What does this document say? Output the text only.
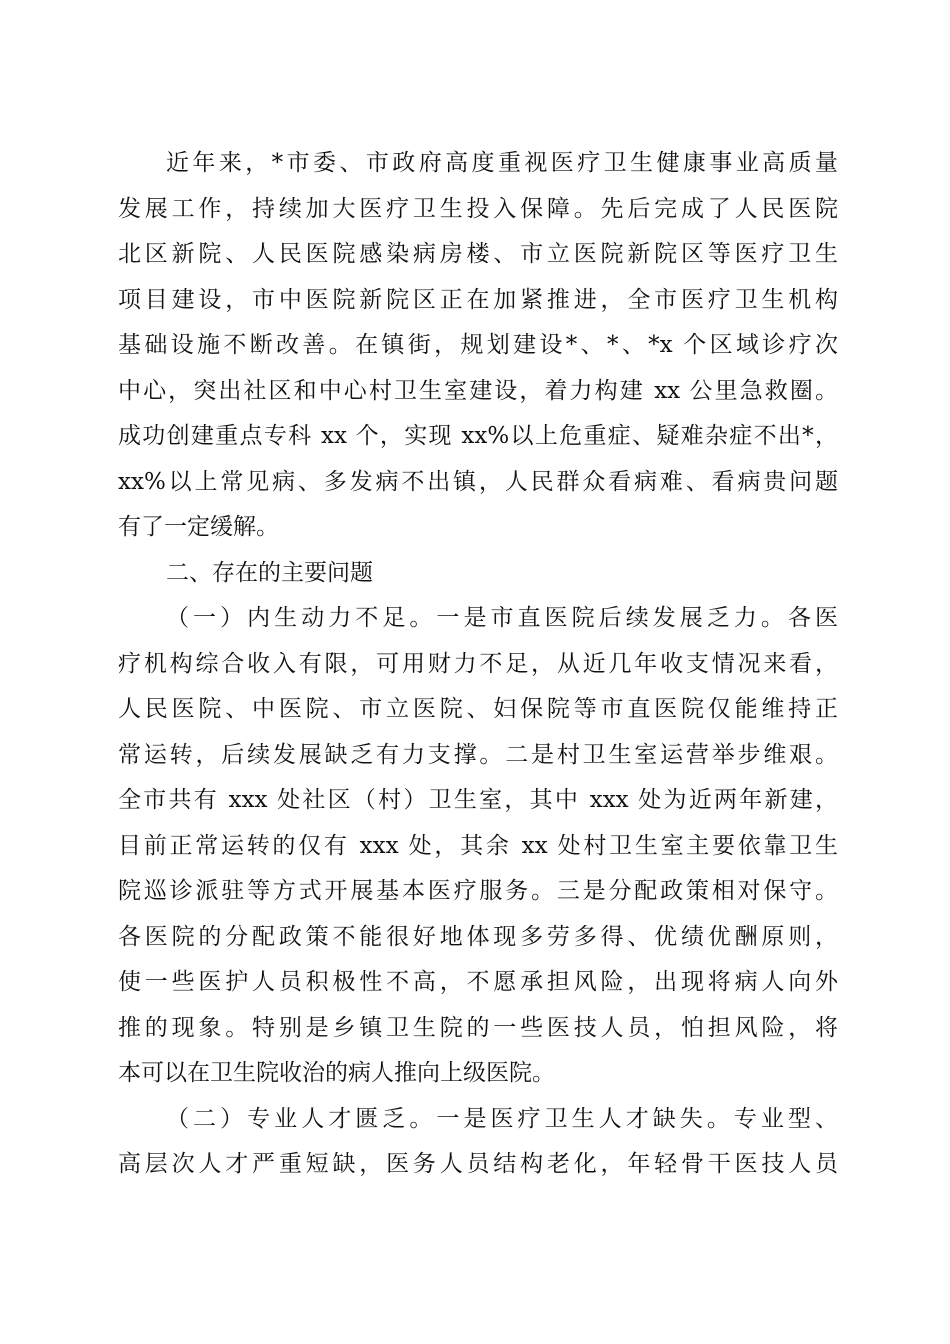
近年来，*市委、市政府高度重视医疗卫生健康事业高质量
发展工作，持续加大医疗卫生投入保障。先后完成了人民医院
北区新院、人民医院感染病房楼、市立医院新院区等医疗卫生
项目建设，市中医院新院区正在加紧推进，全市医疗卫生机构
基础设施不断改善。在镇街，规划建设*、*、*x 个区域诊疗次
中心，突出社区和中心村卫生室建设，着力构建 xx 公里急救圈。
成功创建重点专科 xx 个，实现 xx%以上危重症、疑难杂症不出*，
xx%以上常见病、多发病不出镇，人民群众看病难、看病贵问题
有了一定缓解。
二、存在的主要问题
（一）内生动力不足。一是市直医院后续发展乏力。各医
疗机构综合收入有限，可用财力不足，从近几年收支情况来看，
人民医院、中医院、市立医院、妇保院等市直医院仅能维持正
常运转，后续发展缺乏有力支撑。二是村卫生室运营举步维艰。
全市共有 xxx 处社区（村）卫生室，其中 xxx 处为近两年新建，
目前正常运转的仅有 xxx 处，其余 xx 处村卫生室主要依靠卫生
院巡诊派驻等方式开展基本医疗服务。三是分配政策相对保守。
各医院的分配政策不能很好地体现多劳多得、优绩优酬原则，
使一些医护人员积极性不高，不愿承担风险，出现将病人向外
推的现象。特别是乡镇卫生院的一些医技人员，怕担风险，将
本可以在卫生院收治的病人推向上级医院。
（二）专业人才匮乏。一是医疗卫生人才缺失。专业型、
高层次人才严重短缺，医务人员结构老化，年轻骨干医技人员
